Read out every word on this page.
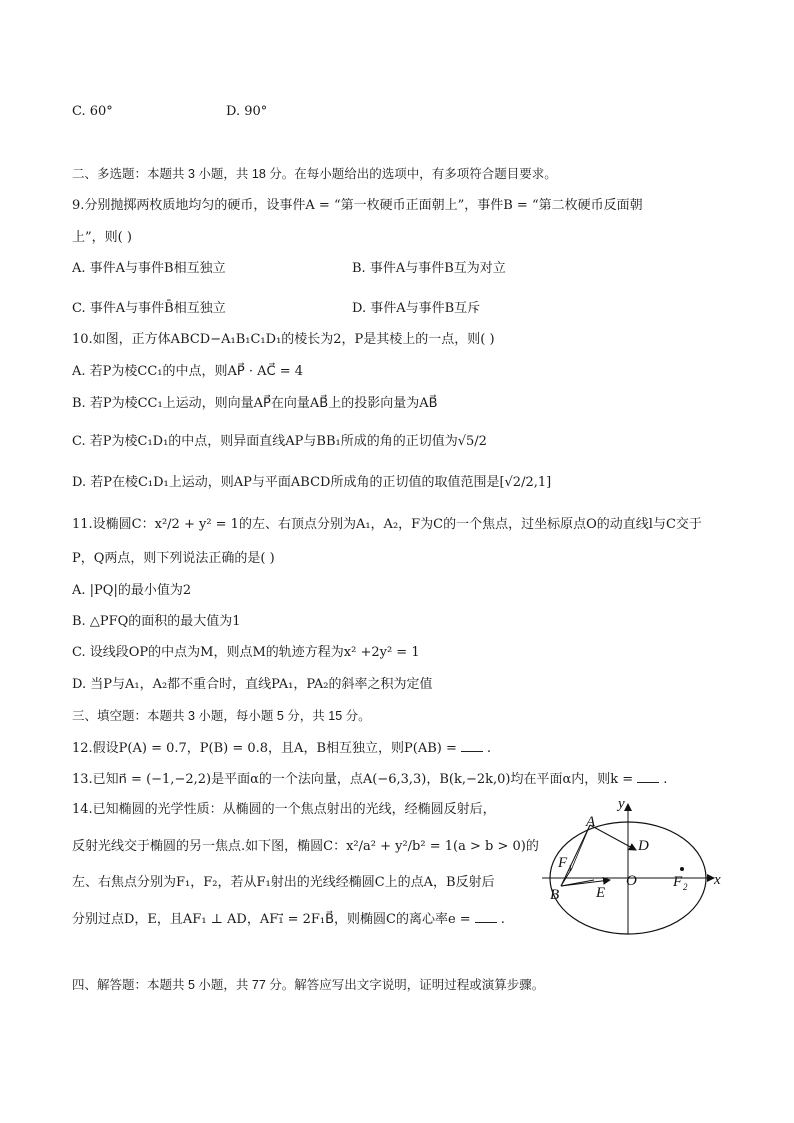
C. 60°	D. 90°
二、多选题：本题共 3 小题，共 18 分。在每小题给出的选项中，有多项符合题目要求。
9.分别抛掷两枚质地均匀的硬币，设事件A = “第一枚硬币正面朝上”，事件B = “第二枚硬币反面朝
上”，则( )
A. 事件A与事件B相互独立	B. 事件A与事件B互为对立
C. 事件A与事件B̄相互独立	D. 事件A与事件B互斥
10.如图，正方体ABCD−A₁B₁C₁D₁的棱长为2，P是其棱上的一点，则( )
A. 若P为棱CC₁的中点，则AP⃗ · AC⃗ = 4
B. 若P为棱CC₁上运动，则向量AP⃗在向量AB⃗上的投影向量为AB⃗
C. 若P为棱C₁D₁的中点，则异面直线AP与BB₁所成的角的正切值为√5/2
D. 若P在棱C₁D₁上运动，则AP与平面ABCD所成角的正切值的取值范围是[√2/2,1]
11.设椭圆C：x²/2 + y² = 1的左、右顶点分别为A₁，A₂，F为C的一个焦点，过坐标原点O的动直线l与C交于
P，Q两点，则下列说法正确的是( )
A. |PQ|的最小值为2
B. △PFQ的面积的最大值为1
C. 设线段OP的中点为M，则点M的轨迹方程为x² +2y² = 1
D. 当P与A₁，A₂都不重合时，直线PA₁，PA₂的斜率之积为定值
三、填空题：本题共 3 小题，每小题 5 分，共 15 分。
12.假设P(A) = 0.7，P(B) = 0.8，且A，B相互独立，则P(AB) = .
13.已知n⃗ = (−1,−2,2)是平面α的一个法向量，点A(−6,3,3)，B(k,−2k,0)均在平面α内，则k = .
14.已知椭圆的光学性质：从椭圆的一个焦点射出的光线，经椭圆反射后，
反射光线交于椭圆的另一焦点.如下图，椭圆C：x²/a² + y²/b² = 1(a > b > 0)的
左、右焦点分别为F₁，F₂，若从F₁射出的光线经椭圆C上的点A，B反射后
分别过点D，E，且AF₁ ⊥ AD，AF₁⃗ = 2F₁B⃗，则椭圆C的离心率e = .
y
x
A
B
D
E
O
F 1
F 2
四、解答题：本题共 5 小题，共 77 分。解答应写出文字说明，证明过程或演算步骤。
